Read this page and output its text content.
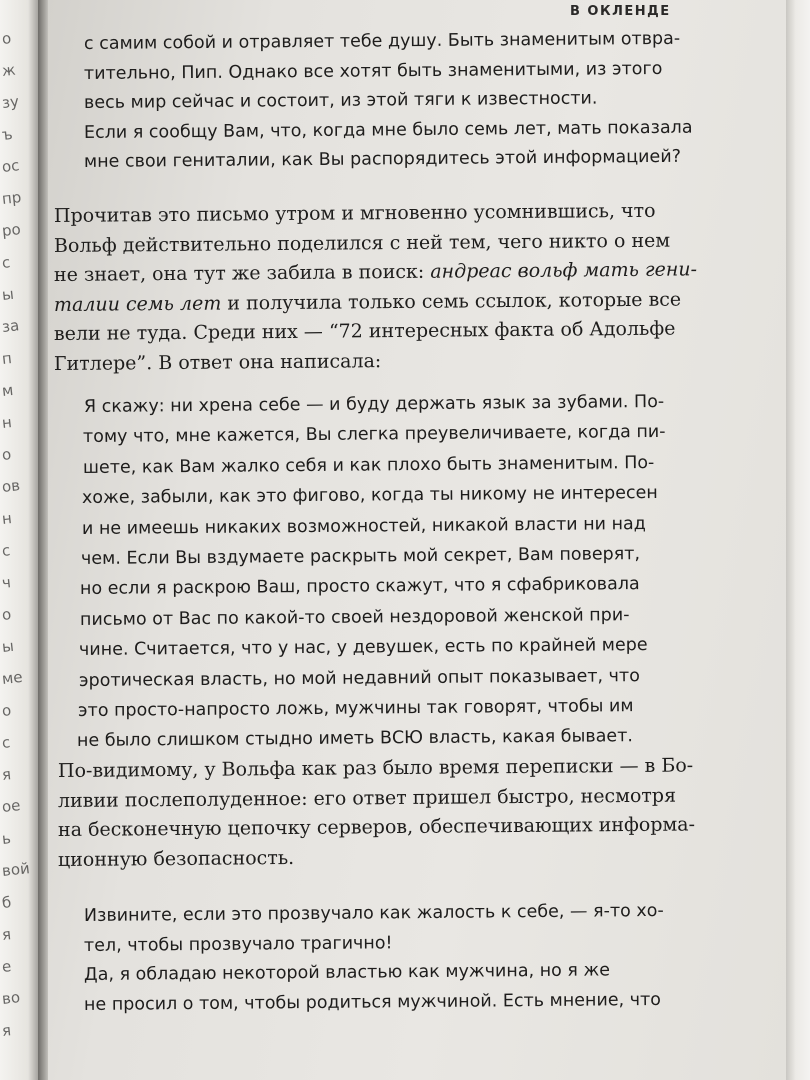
о
ж
зу
ъ
ос
пр
ро
с
ы
за
п
м
н
о
ов
н
с
ч
о
ы
ме
о
с
я
ое
ь
вой
б
я
е
во
я
В ОКЛЕНДЕ
с самим собой и отравляет тебе душу. Быть знаменитым отвра-
тительно, Пип. Однако все хотят быть знаменитыми, из этого
весь мир сейчас и состоит, из этой тяги к известности.
Если я сообщу Вам, что, когда мне было семь лет, мать показала
мне свои гениталии, как Вы распорядитесь этой информацией?
Прочитав это письмо утром и мгновенно усомнившись, что
Вольф действительно поделился с ней тем, чего никто о нем
не знает, она тут же забила в поиск: андреас вольф мать гени-
талии семь лет и получила только семь ссылок, которые все
вели не туда. Среди них — “72 интересных факта об Адольфе
Гитлере”. В ответ она написала:
Я скажу: ни хрена себе — и буду держать язык за зубами. По-
тому что, мне кажется, Вы слегка преувеличиваете, когда пи-
шете, как Вам жалко себя и как плохо быть знаменитым. По-
хоже, забыли, как это фигово, когда ты никому не интересен
и не имеешь никаких возможностей, никакой власти ни над
чем. Если Вы вздумаете раскрыть мой секрет, Вам поверят,
но если я раскрою Ваш, просто скажут, что я сфабриковала
письмо от Вас по какой-то своей нездоровой женской при-
чине. Считается, что у нас, у девушек, есть по крайней мере
эротическая власть, но мой недавний опыт показывает, что
это просто-напросто ложь, мужчины так говорят, чтобы им
не было слишком стыдно иметь ВСЮ власть, какая бывает.
По-видимому, у Вольфа как раз было время переписки — в Бо-
ливии послеполуденное: его ответ пришел быстро, несмотря
на бесконечную цепочку серверов, обеспечивающих информа-
ционную безопасность.
Извините, если это прозвучало как жалость к себе, — я-то хо-
тел, чтобы прозвучало трагично!
Да, я обладаю некоторой властью как мужчина, но я же
не просил о том, чтобы родиться мужчиной. Есть мнение, что
